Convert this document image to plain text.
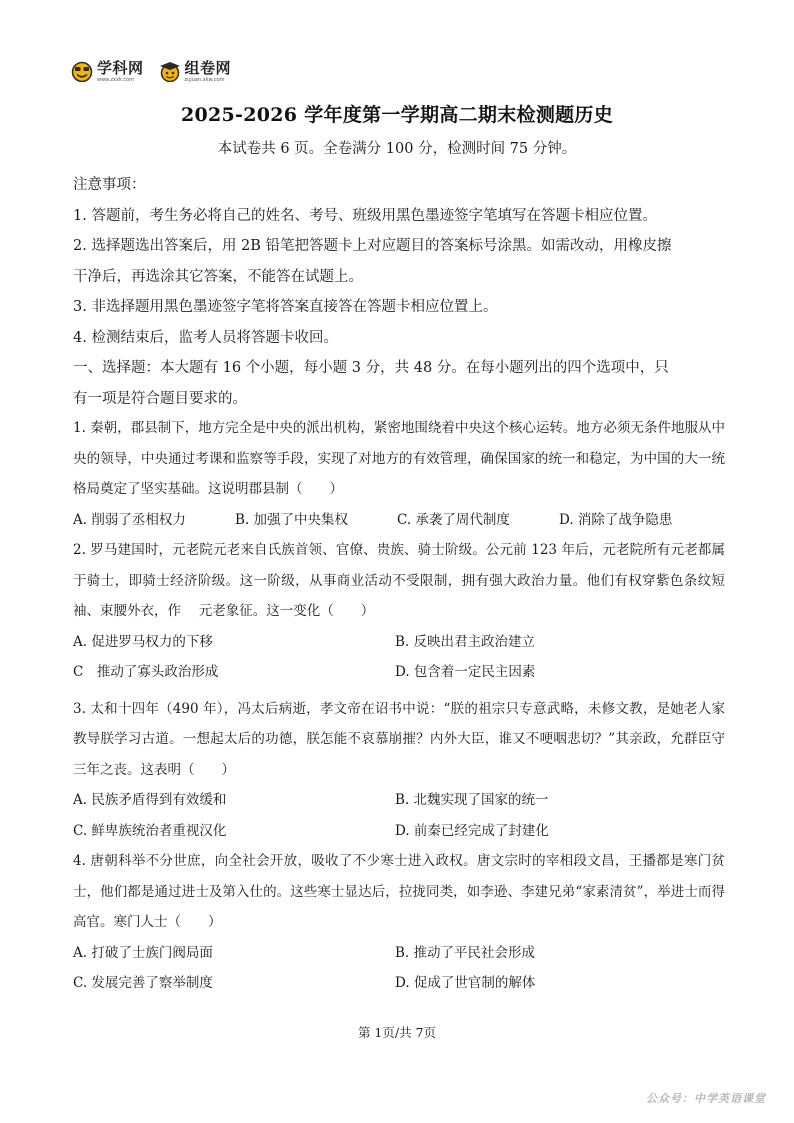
学科网
www.zxxk.com
组卷网
zujuan.xkw.com
2025-2026 学年度第一学期高二期末检测题历史
本试卷共 6 页。全卷满分 100 分，检测时间 75 分钟。
注意事项：
1. 答题前，考生务必将自己的姓名、考号、班级用黑色墨迹签字笔填写在答题卡相应位置。
2. 选择题选出答案后，用 2B 铅笔把答题卡上对应题目的答案标号涂黑。如需改动，用橡皮擦
干净后，再选涂其它答案，不能答在试题上。
3. 非选择题用黑色墨迹签字笔将答案直接答在答题卡相应位置上。
4. 检测结束后，监考人员将答题卡收回。
一、选择题：本大题有 16 个小题，每小题 3 分，共 48 分。在每小题列出的四个选项中，只
有一项是符合题目要求的。
1. 秦朝，郡县制下，地方完全是中央的派出机构，紧密地围绕着中央这个核心运转。地方必须无条件地服从中央的领导，中央通过考课和监察等手段，实现了对地方的有效管理，确保国家的统一和稳定，为中国的大一统格局奠定了坚实基础。这说明郡县制（　　）
A. 削弱了丞相权力	B. 加强了中央集权	C. 承袭了周代制度	D. 消除了战争隐患
2. 罗马建国时，元老院元老来自氏族首领、官僚、贵族、骑士阶级。公元前 123 年后，元老院所有元老都属于骑士，即骑士经济阶级。这一阶级，从事商业活动不受限制，拥有强大政治力量。他们有权穿紫色条纹短袖、束腰外衣，作　 元老象征。这一变化（　　）
A. 促进罗马权力的下移	B. 反映出君主政治建立
C　推动了寡头政治形成	D. 包含着一定民主因素
3. 太和十四年（490 年），冯太后病逝，孝文帝在诏书中说：“朕的祖宗只专意武略，未修文教，是她老人家教导朕学习古道。一想起太后的功德，朕怎能不哀慕崩摧？内外大臣，谁又不哽咽悲切？”其亲政，允群臣守三年之丧。这表明（　　）
A. 民族矛盾得到有效缓和	B. 北魏实现了国家的统一
C. 鲜卑族统治者重视汉化	D. 前秦已经完成了封建化
4. 唐朝科举不分世庶，向全社会开放，吸收了不少寒士进入政权。唐文宗时的宰相段文昌，王播都是寒门贫士，他们都是通过进士及第入仕的。这些寒士显达后，拉拢同类，如李逊、李建兄弟“家素清贫”，举进士而得高官。寒门人士（　　）
A. 打破了士族门阀局面	B. 推动了平民社会形成
C. 发展完善了察举制度	D. 促成了世官制的解体
第 1页/共 7页
公众号：中学英语课堂
